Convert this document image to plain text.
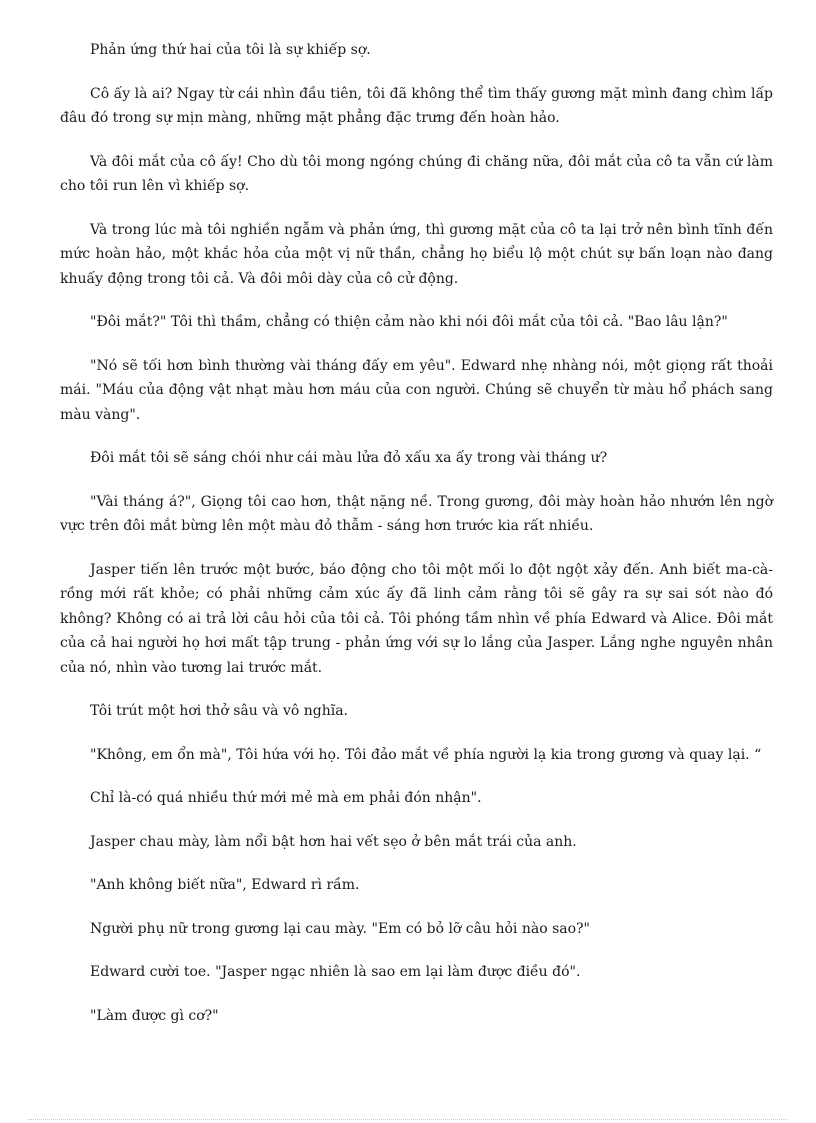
Phản ứng thứ hai của tôi là sự khiếp sợ.

Cô ấy là ai? Ngay từ cái nhìn đầu tiên, tôi đã không thể tìm thấy gương mặt mình đang chìm lấp đâu đó trong sự mịn màng, những mặt phẳng đặc trưng đến hoàn hảo.

Và đôi mắt của cô ấy! Cho dù tôi mong ngóng chúng đi chăng nữa, đôi mắt của cô ta vẫn cứ làm cho tôi run lên vì khiếp sợ.

Và trong lúc mà tôi nghiền ngẫm và phản ứng, thì gương mặt của cô ta lại trở nên bình tĩnh đến mức hoàn hảo, một khắc hỏa của một vị nữ thần, chẳng họ biểu lộ một chút sự bấn loạn nào đang khuấy động trong tôi cả. Và đôi môi dày của cô cử động.

"Đôi mắt?" Tôi thì thầm, chẳng có thiện cảm nào khi nói đôi mắt của tôi cả. "Bao lâu lận?"

"Nó sẽ tối hơn bình thường vài tháng đấy em yêu". Edward nhẹ nhàng nói, một giọng rất thoải mái. "Máu của động vật nhạt màu hơn máu của con người. Chúng sẽ chuyển từ màu hổ phách sang màu vàng".

Đôi mắt tôi sẽ sáng chói như cái màu lửa đỏ xấu xa ấy trong vài tháng ư?

"Vài tháng á?", Giọng tôi cao hơn, thật nặng nề. Trong gương, đôi mày hoàn hảo nhướn lên ngờ vực trên đôi mắt bừng lên một màu đỏ thẫm - sáng hơn trước kia rất nhiều.

Jasper tiến lên trước một bước, báo động cho tôi một mối lo đột ngột xảy đến. Anh biết ma-cà-rồng mới rất khỏe; có phải những cảm xúc ấy đã linh cảm rằng tôi sẽ gây ra sự sai sót nào đó không? Không có ai trả lời câu hỏi của tôi cả. Tôi phóng tầm nhìn về phía Edward và Alice. Đôi mắt của cả hai người họ hơi mất tập trung - phản ứng với sự lo lắng của Jasper. Lắng nghe nguyên nhân của nó, nhìn vào tương lai trước mắt.

Tôi trút một hơi thở sâu và vô nghĩa.

"Không, em ổn mà", Tôi hứa với họ. Tôi đảo mắt về phía người lạ kia trong gương và quay lại. “

Chỉ là-có quá nhiều thứ mới mẻ mà em phải đón nhận".

Jasper chau mày, làm nổi bật hơn hai vết sẹo ở bên mắt trái của anh.

"Anh không biết nữa", Edward rì rầm.

Người phụ nữ trong gương lại cau mày. "Em có bỏ lỡ câu hỏi nào sao?"

Edward cười toe. "Jasper ngạc nhiên là sao em lại làm được điều đó".

"Làm được gì cơ?"
